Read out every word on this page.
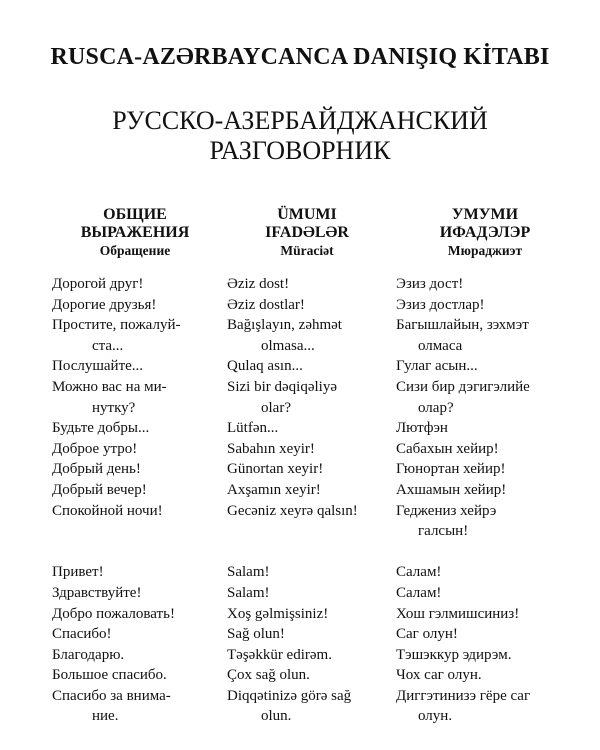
RUSCA-AZƏRBAYCANCA DANIŞIQ KİTABI
РУССКО-АЗЕРБАЙДЖАНСКИЙ
РАЗГОВОРНИК
ОБЩИЕ
ВЫРАЖЕНИЯ
Обращение
ÜMUMI
IFADƏLƏR
Müraciət
УМУМИ
ИФАДЭЛЭР
Мюраджиэт
Дорогой друг!
Дорогие друзья!
Простите, пожалуй-
ста...
Послушайте...
Можно вас на ми-
нутку?
Будьте добры...
Доброе утро!
Добрый день!
Добрый вечер!
Спокойной ночи!
Привет!
Здравствуйте!
Добро пожаловать!
Спасибо!
Благодарю.
Большое спасибо.
Спасибо за внима-
ние.
Əziz dost!
Əziz dostlar!
Bağışlayın, zəhmət
olmasa...
Qulaq asın...
Sizi bir dəqiqəliyə
olar?
Lütfən...
Sabahın xeyir!
Günortan xeyir!
Axşamın xeyir!
Gecəniz xeyrə qalsın!
Salam!
Salam!
Xoş gəlmişsiniz!
Sağ olun!
Təşəkkür edirəm.
Çox sağ olun.
Diqqətinizə görə sağ
olun.
Эзиз дост!
Эзиз достлар!
Багышлайын, зэхмэт
олмаса
Гулаг асын...
Сизи бир дэгигэлийе
олар?
Лютфэн
Сабахын хейир!
Гюнортан хейир!
Ахшамын хейир!
Геджениз хейрэ
галсын!
Салам!
Салам!
Хош гэлмишсиниз!
Саг олун!
Тэшэккур эдирэм.
Чох саг олун.
Диггэтинизэ гёре саг
олун.
